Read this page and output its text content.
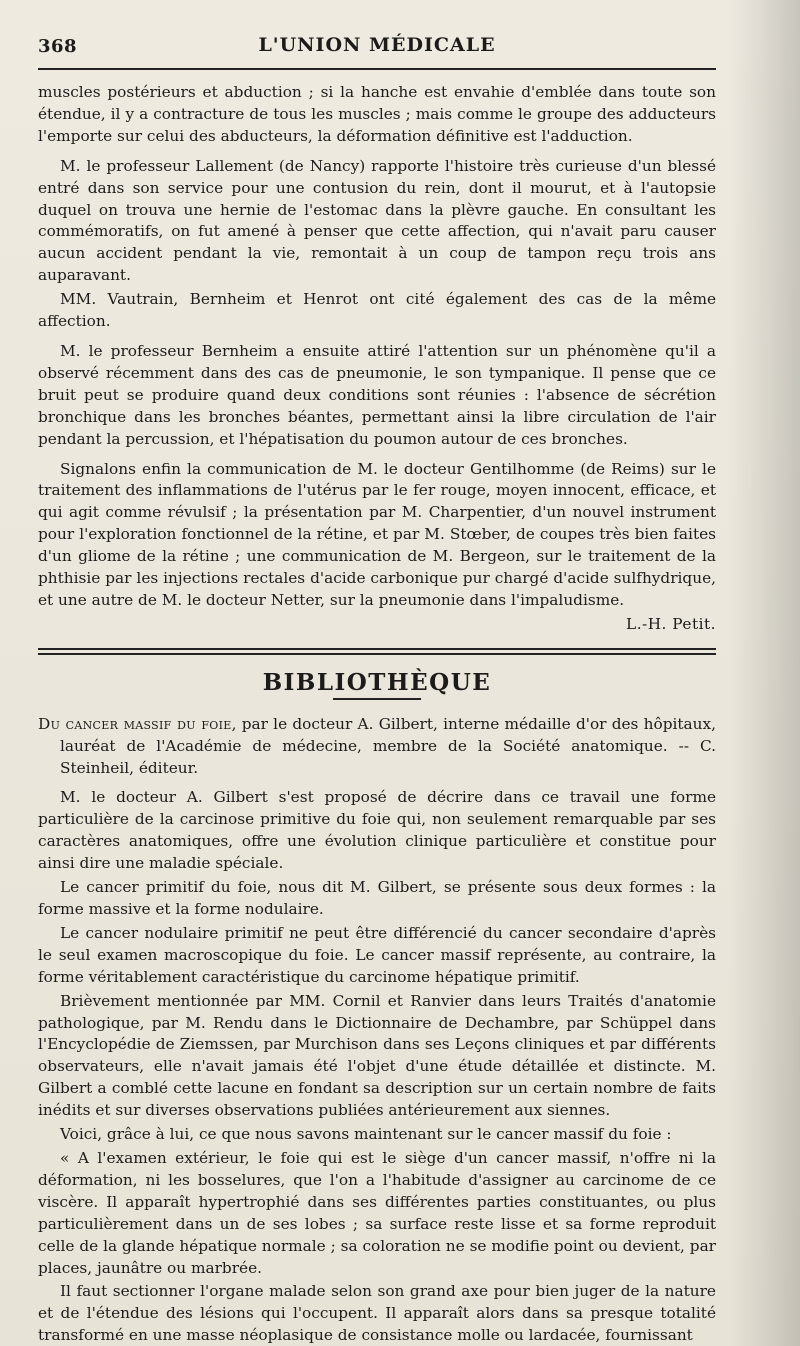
368	L'UNION MÉDICALE

muscles postérieurs et abduction ; si la hanche est envahie d'emblée dans toute son étendue, il y a contracture de tous les muscles ; mais comme le groupe des adducteurs l'emporte sur celui des abducteurs, la déformation définitive est l'adduction.

M. le professeur Lallement (de Nancy) rapporte l'histoire très curieuse d'un blessé entré dans son service pour une contusion du rein, dont il mourut, et à l'autopsie duquel on trouva une hernie de l'estomac dans la plèvre gauche. En consultant les commémoratifs, on fut amené à penser que cette affection, qui n'avait paru causer aucun accident pendant la vie, remontait à un coup de tampon reçu trois ans auparavant.

MM. Vautrain, Bernheim et Henrot ont cité également des cas de la même affection.

M. le professeur Bernheim a ensuite attiré l'attention sur un phénomène qu'il a observé récemment dans des cas de pneumonie, le son tympanique. Il pense que ce bruit peut se produire quand deux conditions sont réunies : l'absence de sécrétion bronchique dans les bronches béantes, permettant ainsi la libre circulation de l'air pendant la percussion, et l'hépatisation du poumon autour de ces bronches.

Signalons enfin la communication de M. le docteur Gentilhomme (de Reims) sur le traitement des inflammations de l'utérus par le fer rouge, moyen innocent, efficace, et qui agit comme révulsif ; la présentation par M. Charpentier, d'un nouvel instrument pour l'exploration fonctionnel de la rétine, et par M. Stœber, de coupes très bien faites d'un gliome de la rétine ; une communication de M. Bergeon, sur le traitement de la phthisie par les injections rectales d'acide carbonique pur chargé d'acide sulfhydrique, et une autre de M. le docteur Netter, sur la pneumonie dans l'impaludisme.

L.-H. Petit.
BIBLIOTHÈQUE

Du cancer massif du foie, par le docteur A. Gilbert, interne médaille d'or des hôpitaux, lauréat de l'Académie de médecine, membre de la Société anatomique. -- C. Steinheil, éditeur.

M. le docteur A. Gilbert s'est proposé de décrire dans ce travail une forme particulière de la carcinose primitive du foie qui, non seulement remarquable par ses caractères anatomiques, offre une évolution clinique particulière et constitue pour ainsi dire une maladie spéciale.

Le cancer primitif du foie, nous dit M. Gilbert, se présente sous deux formes : la forme massive et la forme nodulaire.

Le cancer nodulaire primitif ne peut être différencié du cancer secondaire d'après le seul examen macroscopique du foie. Le cancer massif représente, au contraire, la forme véritablement caractéristique du carcinome hépatique primitif.

Brièvement mentionnée par MM. Cornil et Ranvier dans leurs Traités d'anatomie pathologique, par M. Rendu dans le Dictionnaire de Dechambre, par Schüppel dans l'Encyclopédie de Ziemssen, par Murchison dans ses Leçons cliniques et par différents observateurs, elle n'avait jamais été l'objet d'une étude détaillée et distincte. M. Gilbert a comblé cette lacune en fondant sa description sur un certain nombre de faits inédits et sur diverses observations publiées antérieurement aux siennes.

Voici, grâce à lui, ce que nous savons maintenant sur le cancer massif du foie :

« A l'examen extérieur, le foie qui est le siège d'un cancer massif, n'offre ni la déformation, ni les bosselures, que l'on a l'habitude d'assigner au carcinome de ce viscère. Il apparaît hypertrophié dans ses différentes parties constituantes, ou plus particulièrement dans un de ses lobes ; sa surface reste lisse et sa forme reproduit celle de la glande hépatique normale ; sa coloration ne se modifie point ou devient, par places, jaunâtre ou marbrée.

Il faut sectionner l'organe malade selon son grand axe pour bien juger de la nature et de l'étendue des lésions qui l'occupent. Il apparaît alors dans sa presque totalité transformé en une masse néoplasique de consistance molle ou lardacée, fournissant
